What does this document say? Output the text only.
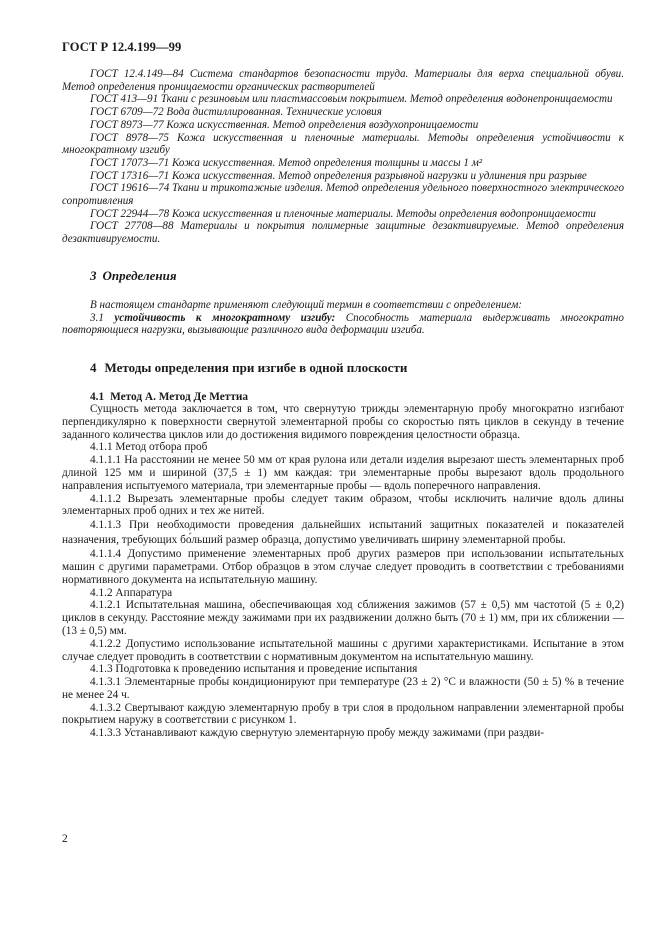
ГОСТ Р 12.4.199—99

ГОСТ 12.4.149—84 Система стандартов безопасности труда. Материалы для верха специальной обуви. Метод определения проницаемости органических растворителей

ГОСТ 413—91 Ткани с резиновым или пластмассовым покрытием. Метод определения водонепроницаемости

ГОСТ 6709—72 Вода дистиллированная. Технические условия

ГОСТ 8973—77 Кожа искусственная. Метод определения воздухопроницаемости

ГОСТ 8978—75 Кожа искусственная и пленочные материалы. Методы определения устойчивости к многократному изгибу

ГОСТ 17073—71 Кожа искусственная. Метод определения толщины и массы 1 м²

ГОСТ 17316—71 Кожа искусственная. Метод определения разрывной нагрузки и удлинения при разрыве

ГОСТ 19616—74 Ткани и трикотажные изделия. Метод определения удельного поверхностного электрического сопротивления

ГОСТ 22944—78 Кожа искусственная и пленочные материалы. Методы определения водопроницаемости

ГОСТ 27708—88 Материалы и покрытия полимерные защитные дезактивируемые. Метод определения дезактивируемости.

3 Определения

В настоящем стандарте применяют следующий термин в соответствии с определением:

3.1 устойчивость к многократному изгибу: Способность материала выдерживать многократно повторяющиеся нагрузки, вызывающие различного вида деформации изгиба.

4 Методы определения при изгибе в одной плоскости
4.1 Метод А. Метод Де Меттиа

Сущность метода заключается в том, что свернутую трижды элементарную пробу многократно изгибают перпендикулярно к поверхности свернутой элементарной пробы со скоростью пять циклов в секунду в течение заданного количества циклов или до достижения видимого повреждения целостности образца.

4.1.1 Метод отбора проб

4.1.1.1 На расстоянии не менее 50 мм от края рулона или детали изделия вырезают шесть элементарных проб длиной 125 мм и шириной (37,5 ± 1) мм каждая: три элементарные пробы вырезают вдоль продольного направления испытуемого материала, три элементарные пробы — вдоль поперечного направления.

4.1.1.2 Вырезать элементарные пробы следует таким образом, чтобы исключить наличие вдоль длины элементарных проб одних и тех же нитей.

4.1.1.3 При необходимости проведения дальнейших испытаний защитных показателей и показателей назначения, требующих бо́льший размер образца, допустимо увеличивать ширину элементарной пробы.

4.1.1.4 Допустимо применение элементарных проб других размеров при использовании испытательных машин с другими параметрами. Отбор образцов в этом случае следует проводить в соответствии с требованиями нормативного документа на испытательную машину.

4.1.2 Аппаратура

4.1.2.1 Испытательная машина, обеспечивающая ход сближения зажимов (57 ± 0,5) мм частотой (5 ± 0,2) циклов в секунду. Расстояние между зажимами при их раздвижении должно быть (70 ± 1) мм, при их сближении — (13 ± 0,5) мм.

4.1.2.2 Допустимо использование испытательной машины с другими характеристиками. Испытание в этом случае следует проводить в соответствии с нормативным документом на испытательную машину.

4.1.3 Подготовка к проведению испытания и проведение испытания

4.1.3.1 Элементарные пробы кондиционируют при температуре (23 ± 2) °С и влажности (50 ± 5) % в течение не менее 24 ч.

4.1.3.2 Свертывают каждую элементарную пробу в три слоя в продольном направлении элементарной пробы покрытием наружу в соответствии с рисунком 1.

4.1.3.3 Устанавливают каждую свернутую элементарную пробу между зажимами (при раздви-

2
